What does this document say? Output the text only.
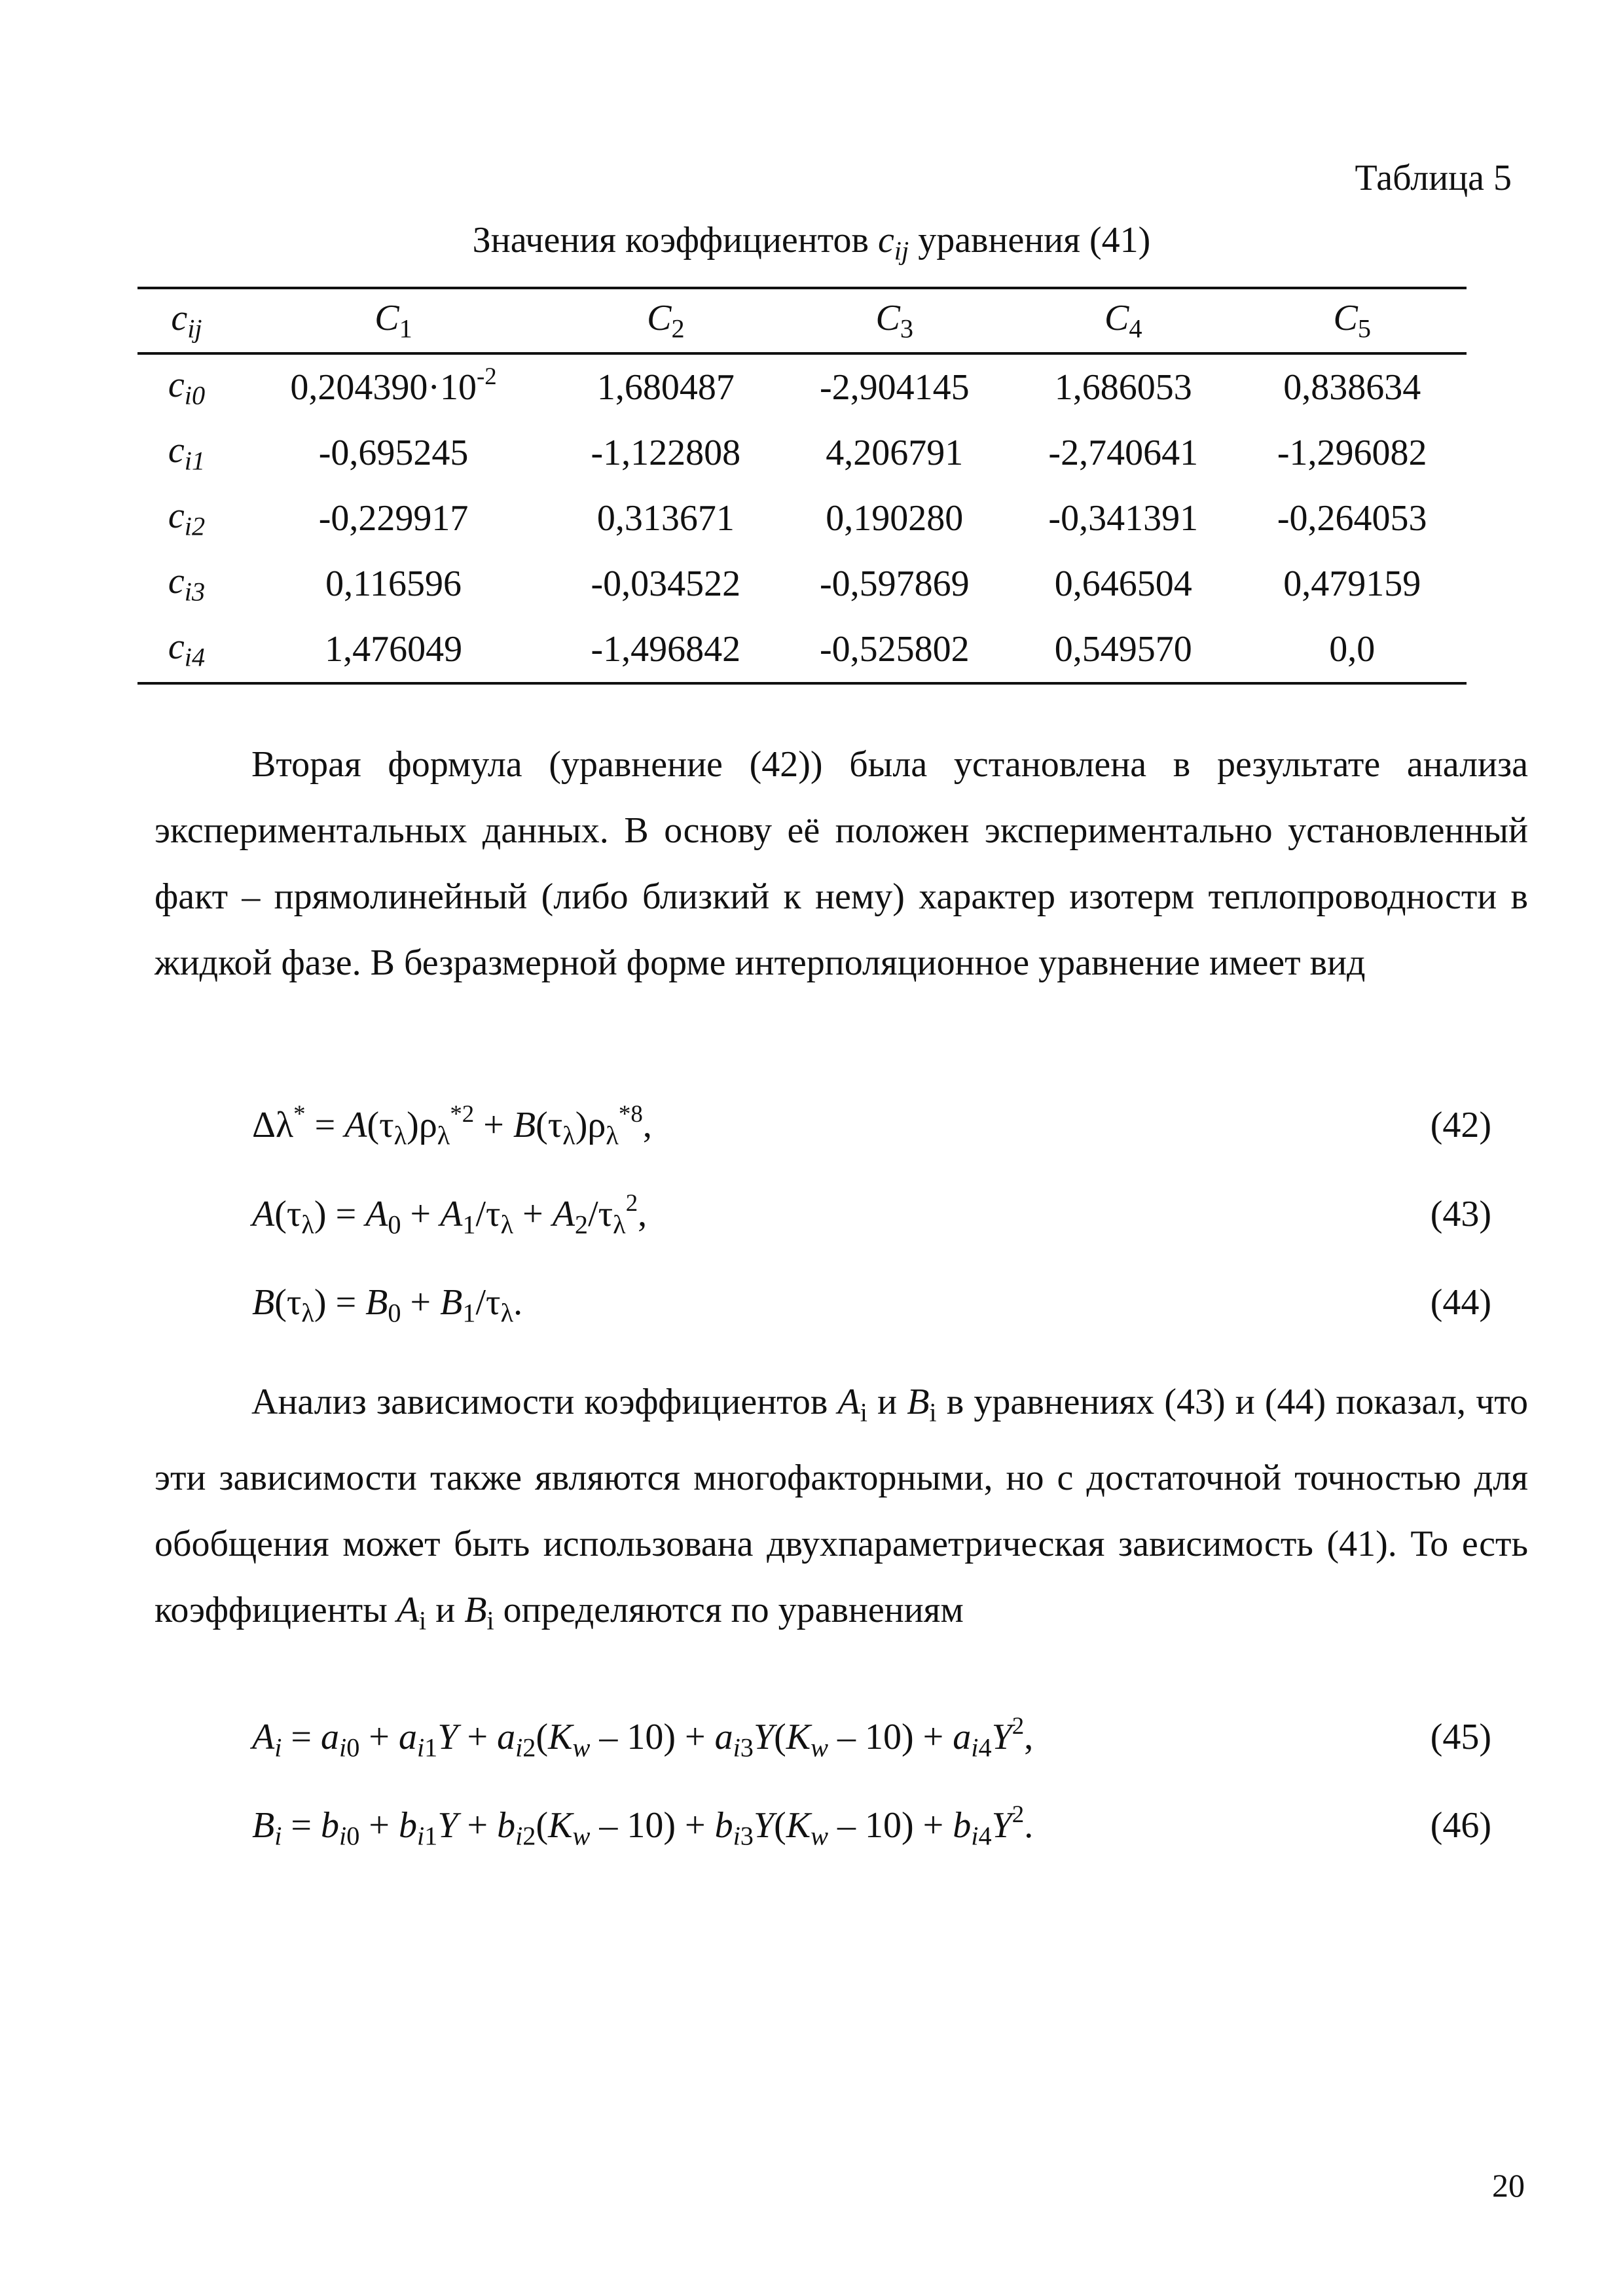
Таблица 5
Значения коэффициентов $c_{ij}$ уравнения (41)
$c_{ij}$	$C_1$	$C_2$	$C_3$	$C_4$	$C_5$
$c_{i0}$	$0,204390\cdot 10^{-2}$	1,680487	-2,904145	1,686053	0,838634
$c_{i1}$	-0,695245	-1,122808	4,206791	-2,740641	-1,296082
$c_{i2}$	-0,229917	0,313671	0,190280	-0,341391	-0,264053
$c_{i3}$	0,116596	-0,034522	-0,597869	0,646504	0,479159
$c_{i4}$	1,476049	-1,496842	-0,525802	0,549570	0,0
Вторая формула (уравнение (42)) была установлена в результате анализа экспериментальных данных. В основу её положен экспериментально установленный факт – прямолинейный (либо близкий к нему) характер изотерм теплопроводности в жидкой фазе. В безразмерной форме интерполяционное уравнение имеет вид
$\Delta\lambda^* = A(\tau_\lambda)\rho_\lambda^{*2} + B(\tau_\lambda)\rho_\lambda^{*8}$,	(42)
$A(\tau_\lambda) = A_0 + A_1/\tau_\lambda + A_2/\tau_\lambda^2$,	(43)
$B(\tau_\lambda) = B_0 + B_1/\tau_\lambda$.	(44)
Анализ зависимости коэффициентов $A_i$ и $B_i$ в уравнениях (43) и (44) показал, что эти зависимости также являются многофакторными, но с достаточной точностью для обобщения может быть использована двухпараметрическая зависимость (41). То есть коэффициенты $A_i$ и $B_i$ определяются по уравнениям
$A_i = a_{i0} + a_{i1}Y + a_{i2}(K_w - 10) + a_{i3}Y(K_w - 10) + a_{i4}Y^2$,	(45)
$B_i = b_{i0} + b_{i1}Y + b_{i2}(K_w - 10) + b_{i3}Y(K_w - 10) + b_{i4}Y^2$.	(46)
20
